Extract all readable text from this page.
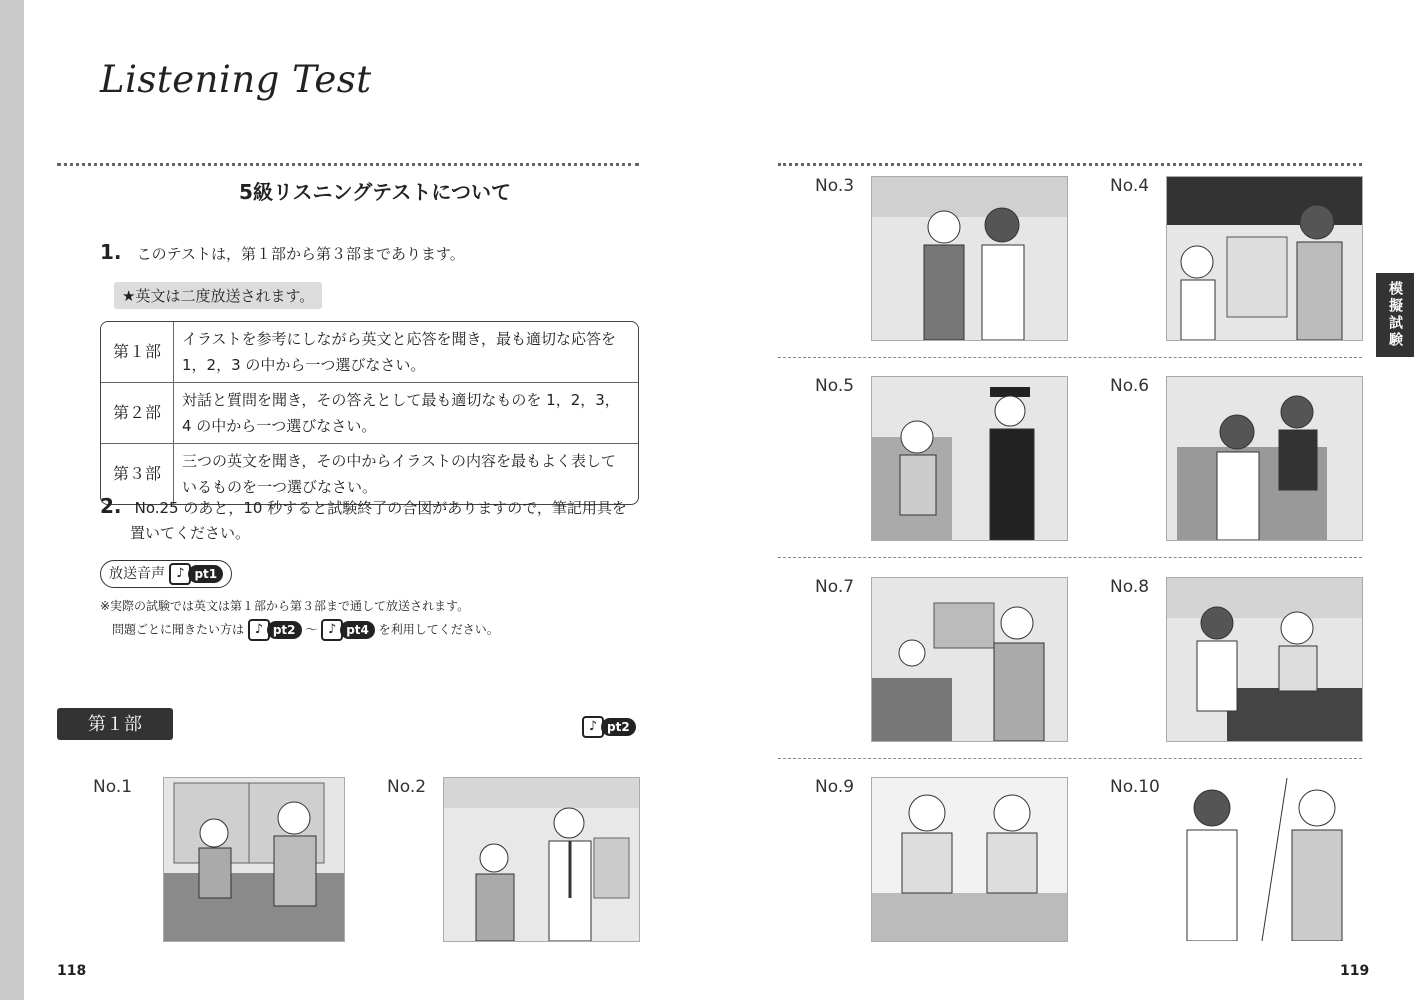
Listening Test
5級リスニングテストについて
1. このテストは，第１部から第３部まであります。
★英文は二度放送されます。
第１部	イラストを参考にしながら英文と応答を聞き，最も適切な応答を
1，2，3 の中から一つ選びなさい。

第２部	対話と質問を聞き，その答えとして最も適切なものを 1，2，3，
4 の中から一つ選びなさい。

第３部	三つの英文を聞き，その中からイラストの内容を最もよく表して
いるものを一つ選びなさい。
2. No.25 のあと，10 秒すると試験終了の合図がありますので，筆記用具を
置いてください。
放送音声 ♪ pt1
※実際の試験では英文は第１部から第３部まで通して放送されます。
問題ごとに聞きたい方は ♪ pt2 ～ ♪ pt4 を利用してください。
第１部	♪ pt2
No.1	No.2
118
模擬試験
No.3	No.4
No.5	No.6
No.7	No.8
No.9	No.10
119
